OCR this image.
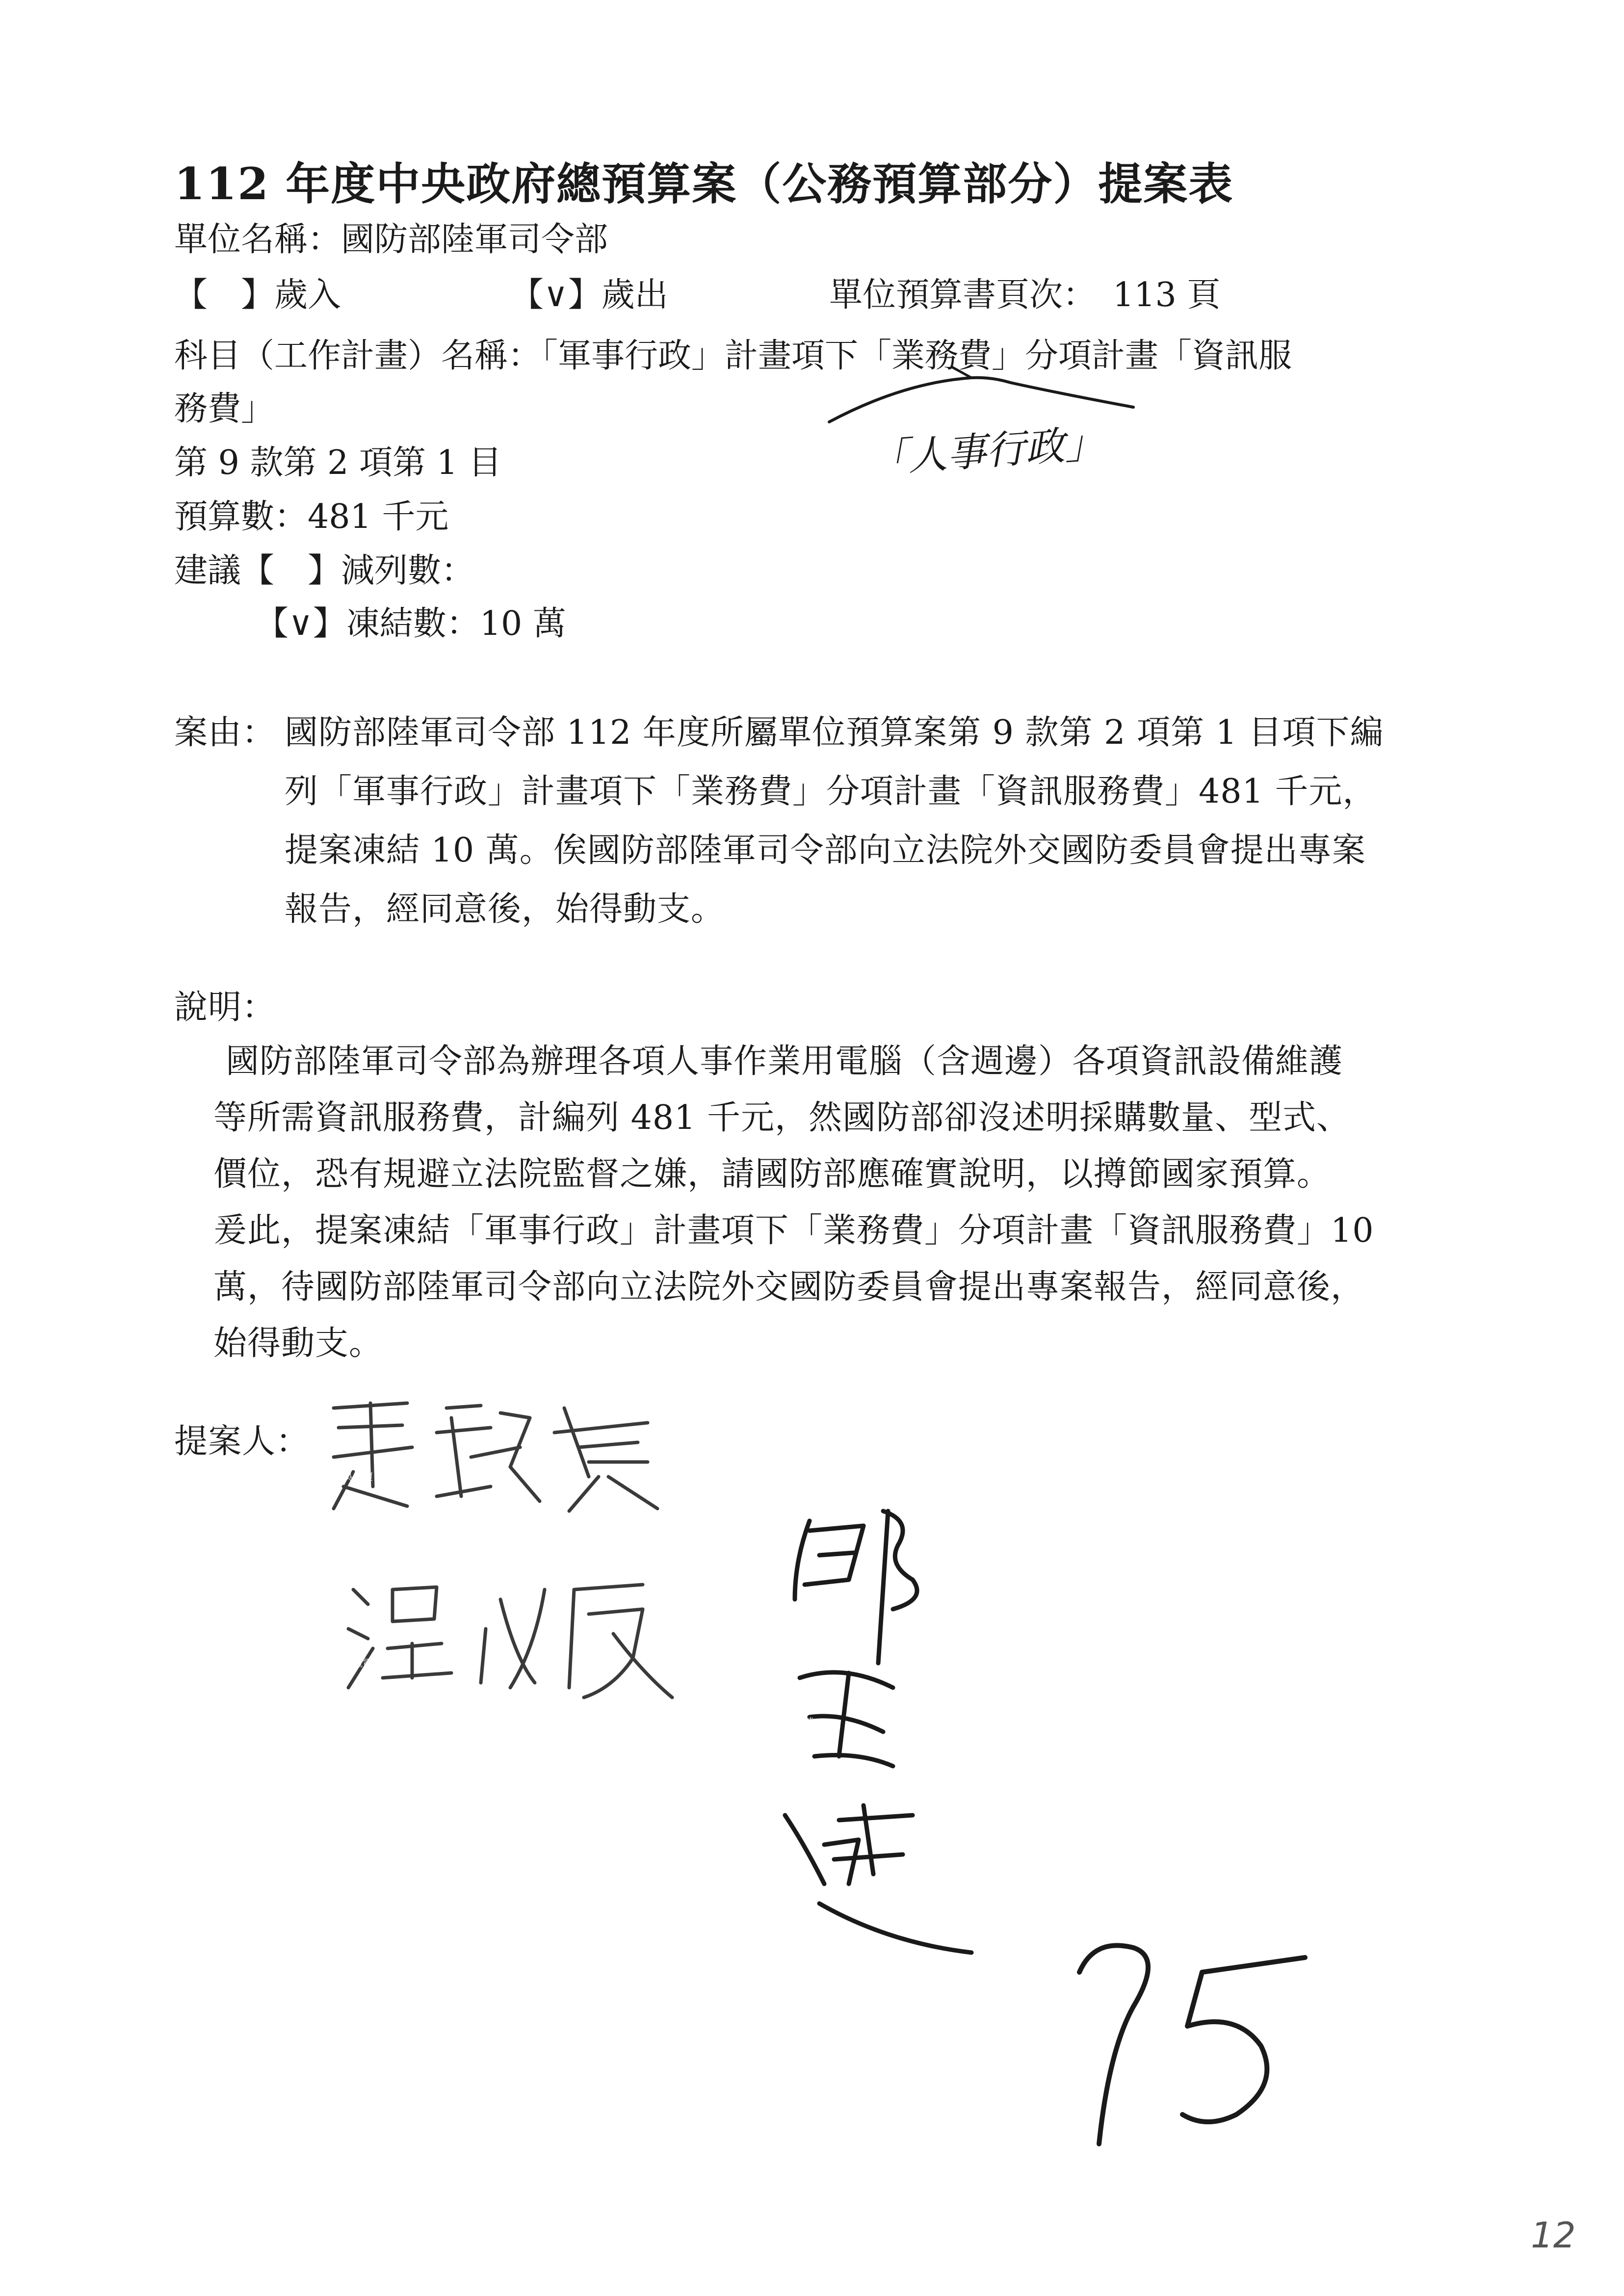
112 年度中央政府總預算案（公務預算部分）提案表
單位名稱：國防部陸軍司令部
【　】歲入	【∨】歲出	單位預算書頁次：　113 頁
科目（工作計畫）名稱：「軍事行政」計畫項下「業務費」分項計畫「資訊服
務費」
「人事行政」
第 9 款第 2 項第 1 目
預算數：481 千元
建議【　】減列數：
【∨】凍結數：10 萬
案由： 國防部陸軍司令部 112 年度所屬單位預算案第 9 款第 2 項第 1 目項下編
列「軍事行政」計畫項下「業務費」分項計畫「資訊服務費」481 千元，
提案凍結 10 萬。俟國防部陸軍司令部向立法院外交國防委員會提出專案
報告，經同意後，始得動支。
說明：
國防部陸軍司令部為辦理各項人事作業用電腦（含週邊）各項資訊設備維護
等所需資訊服務費，計編列 481 千元，然國防部卻沒述明採購數量、型式、
價位，恐有規避立法院監督之嫌，請國防部應確實說明，以撙節國家預算。
爰此，提案凍結「軍事行政」計畫項下「業務費」分項計畫「資訊服務費」10
萬，待國防部陸軍司令部向立法院外交國防委員會提出專案報告，經同意後，
始得動支。
提案人：
75
12
吳斯懷
溫玉霞
邱臣遠
